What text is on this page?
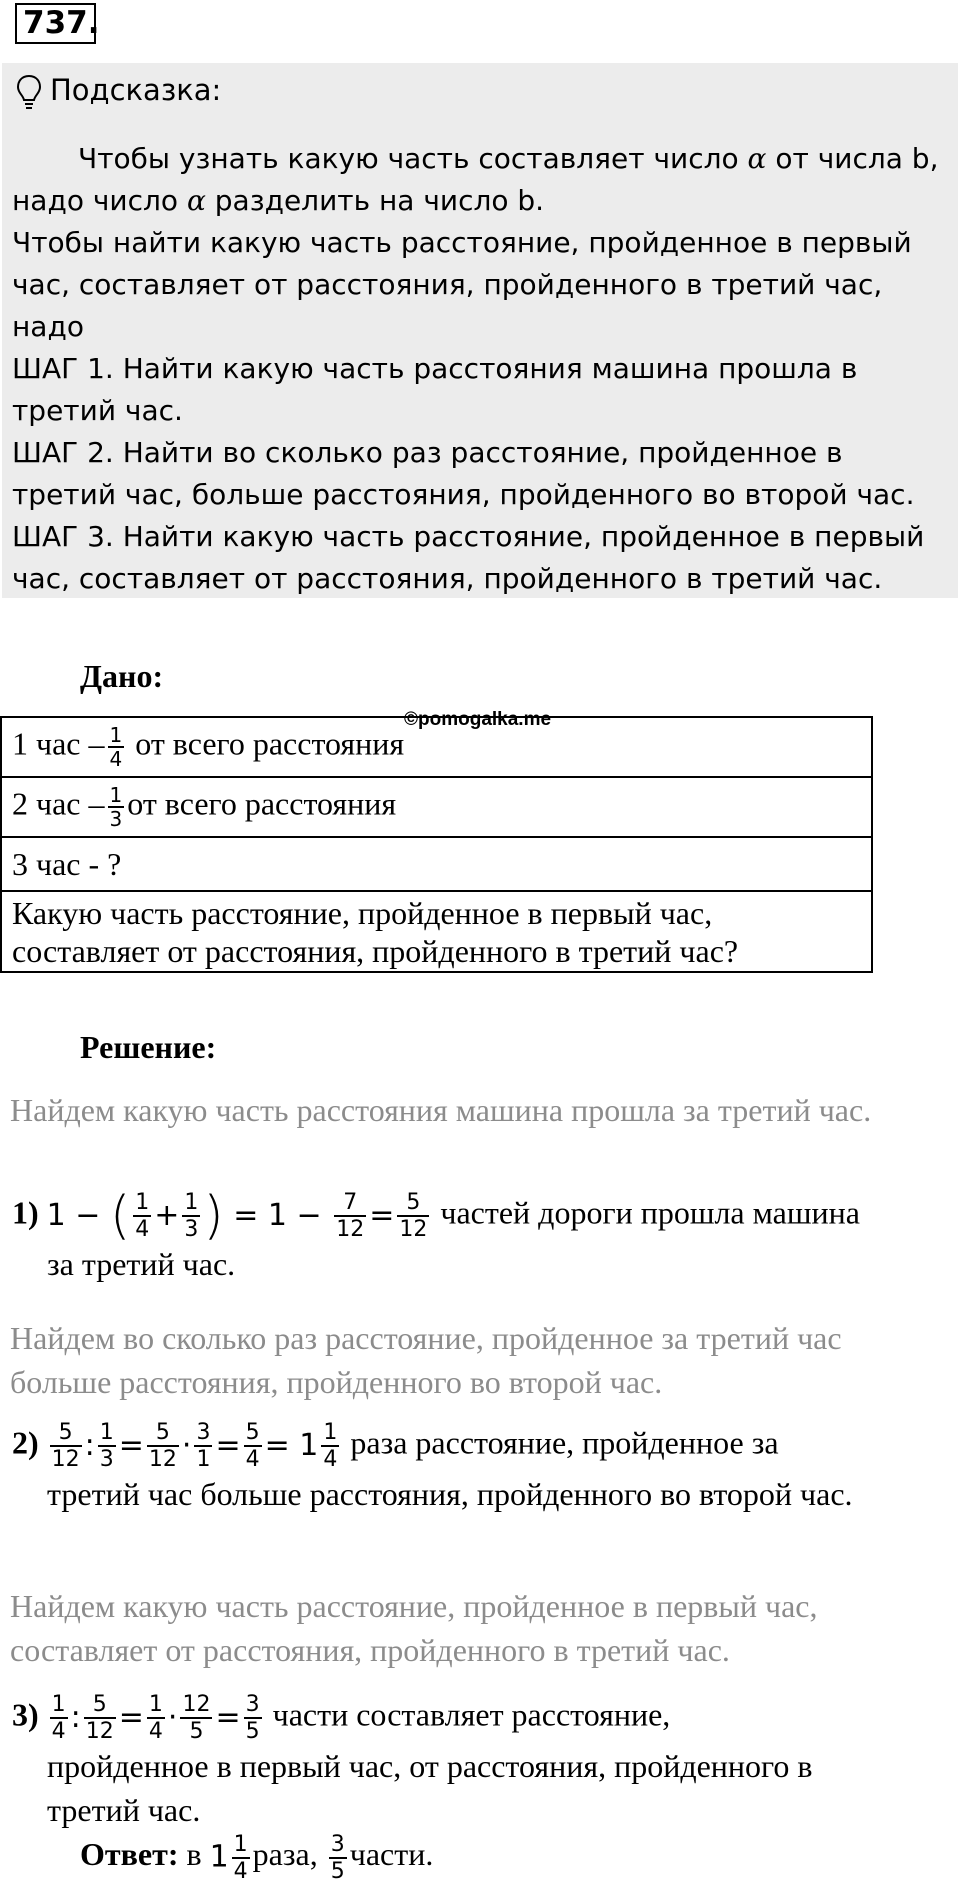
737.
Подсказка:

Чтобы узнать какую часть составляет число α от числа b,

надо число α разделить на число b.

Чтобы найти какую часть расстояние, пройденное в первый час, составляет от расстояния, пройденного в третий час, надо

ШАГ 1. Найти какую часть расстояния машина прошла в третий час.

ШАГ 2. Найти во сколько раз расстояние, пройденное в третий час, больше расстояния, пройденного во второй час.

ШАГ 3. Найти какую часть расстояние, пройденное в первый час, составляет от расстояния, пройденного в третий час.

Дано:
©pomogalka.me
1 час – $\frac{1}{4}$ от всего расстояния
2 час – $\frac{1}{3}$ от всего расстояния
3 час - ?
Какую часть расстояние, пройденное в первый час, составляет от расстояния, пройденного в третий час?
Решение:
Найдем какую часть расстояния машина прошла за третий час.
1) 1 − ( $\frac{1}{4} + \frac{1}{3}$ ) = $1 - \frac{7}{12} = \frac{5}{12}$ частей дороги прошла машина
за третий час.
Найдем во сколько раз расстояние, пройденное за третий час больше расстояния, пройденного во второй час.
$2) \frac{5}{12}$ : $\frac{1}{3} = \frac{5}{12} \cdot \frac{3}{1} = \frac{5}{4} = 1 \frac{1}{4}$ раза расстояние, пройденное за
третий час больше расстояния, пройденного во второй час.
Найдем какую часть расстояние, пройденное в первый час, составляет от расстояния, пройденного в третий час.
$3) \frac{1}{4}$ : $\frac{5}{12} = \frac{1}{4} \cdot \frac{12}{5} = \frac{3}{5}$ части составляет расстояние,
пройденное в первый час, от расстояния, пройденного в третий час.
Ответ: в $1 \frac{1}{4}$ раза, $\frac{3}{5}$ части.
